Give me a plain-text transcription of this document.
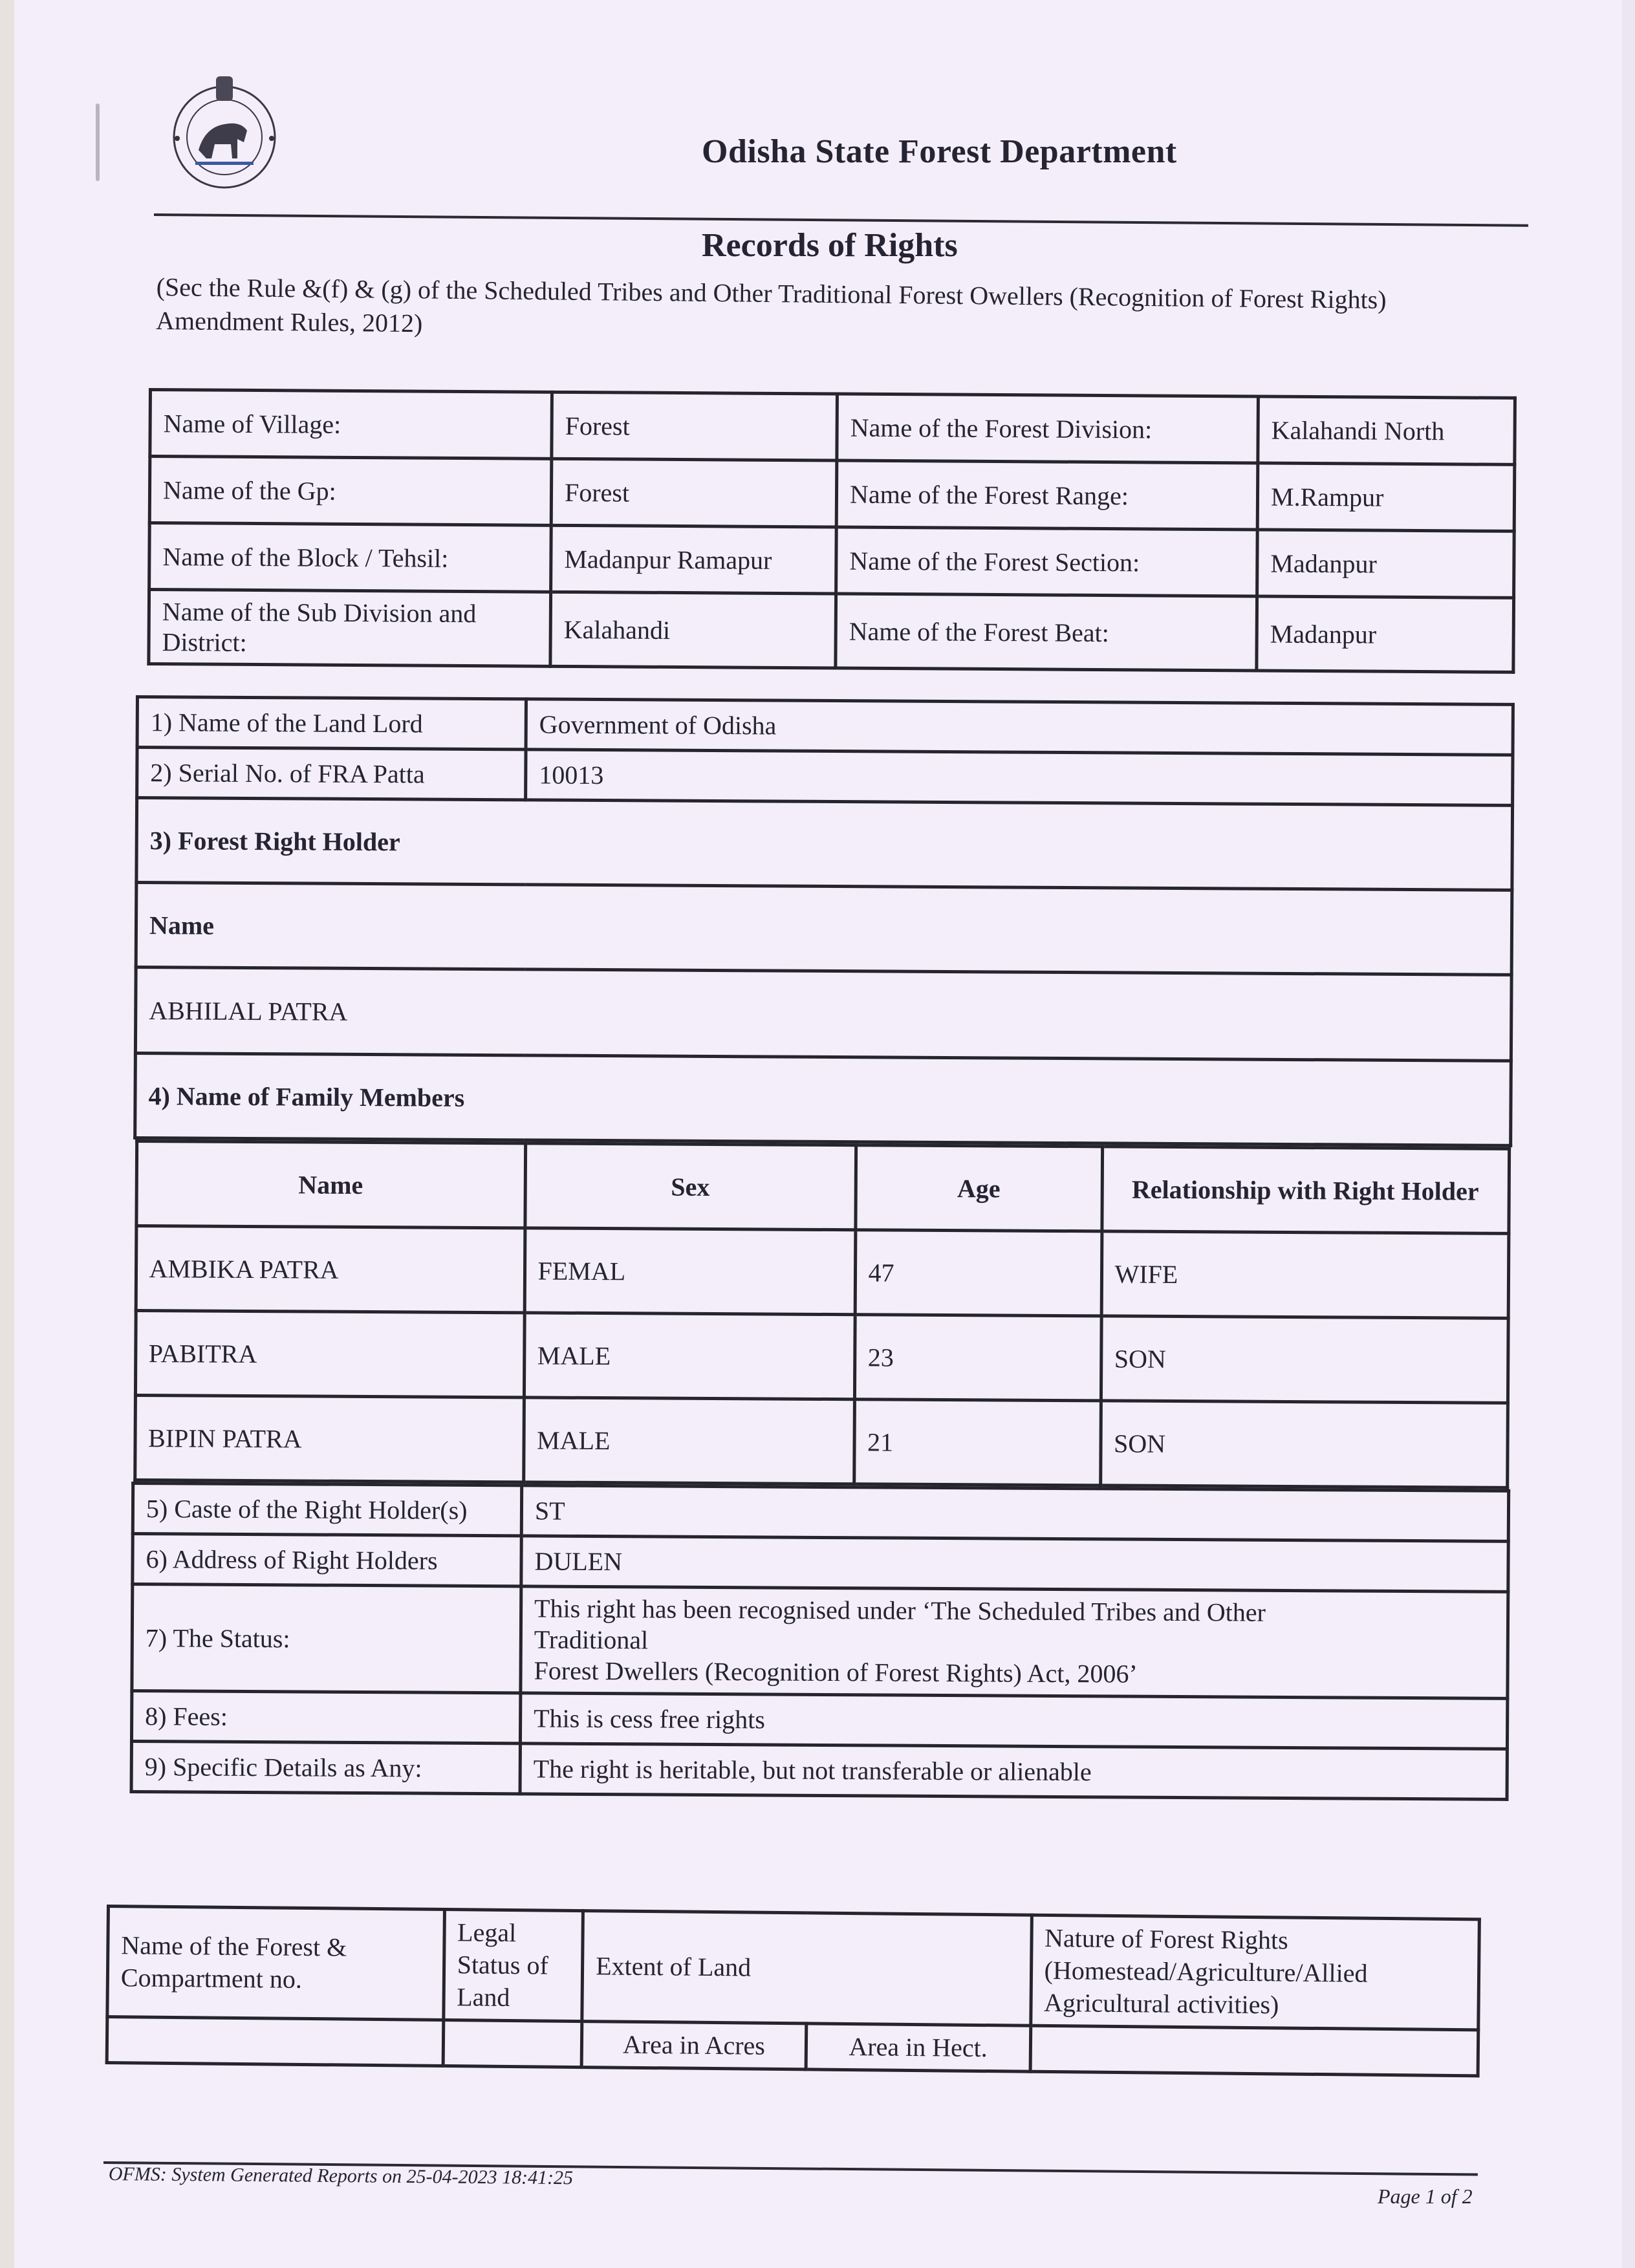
Odisha State Forest Department
Records of Rights
(Sec the Rule &(f) & (g) of the Scheduled Tribes and Other Traditional Forest Owellers (Recognition of Forest Rights) Amendment Rules, 2012)
Name of Village:	Forest	Name of the Forest Division:	Kalahandi North
Name of the Gp:	Forest	Name of the Forest Range:	M.Rampur
Name of the Block / Tehsil:	Madanpur Ramapur	Name of the Forest Section:	Madanpur
Name of the Sub Division and District:	Kalahandi	Name of the Forest Beat:	Madanpur
1) Name of the Land Lord	Government of Odisha
2) Serial No. of FRA Patta	10013
3) Forest Right Holder
Name
ABHILAL PATRA
4) Name of Family Members

Name	Sex	Age	Relationship with Right Holder
AMBIKA PATRA	FEMAL	47	WIFE
PABITRA	MALE	23	SON
BIPIN PATRA	MALE	21	SON

5) Caste of the Right Holder(s)	ST
6) Address of Right Holders	DULEN
7) The Status:	
This right has been recognised under ‘The Scheduled Tribes and Other
Traditional
Forest Dwellers (Recognition of Forest Rights) Act, 2006’

8) Fees:	This is cess free rights
9) Specific Details as Any:	The right is heritable, but not transferable or alienable
Name of the Forest & Compartment no.	Legal Status of Land	Extent of Land		Nature of Forest Rights (Homestead/Agriculture/Allied Agricultural activities)
		Area in Acres	Area in Hect.	
OFMS: System Generated Reports on 25-04-2023 18:41:25
Page 1 of 2
